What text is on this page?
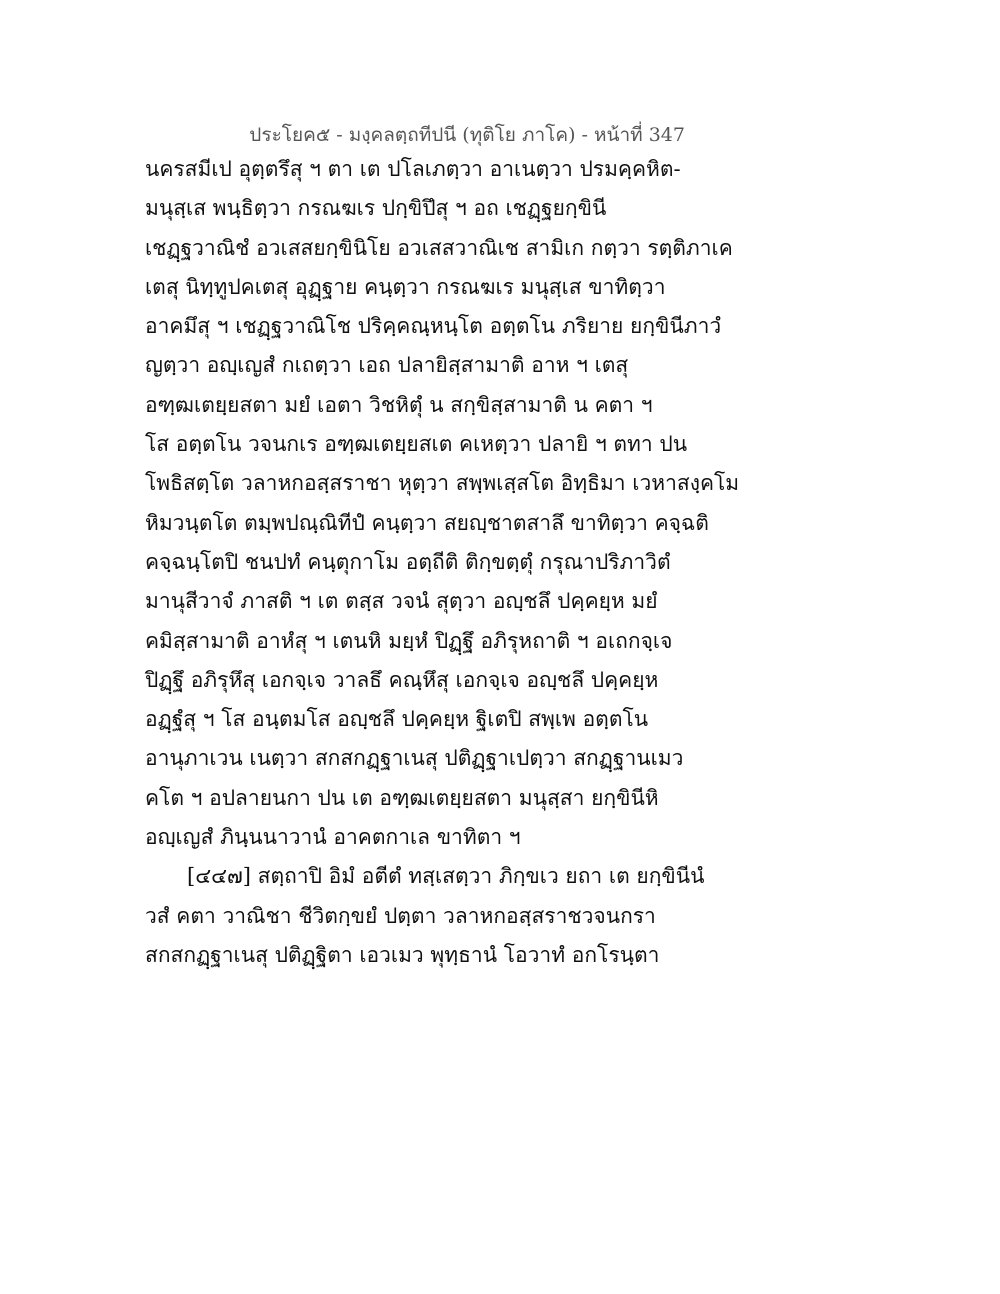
ประโยค๕ - มงฺคลตฺถทีปนี (ทุติโย ภาโค) - หน้าที่ 347
นครสมีเป อุตฺตรึสุ ฯ ตา เต ปโลเภตฺวา อาเนตฺวา ปรมคฺคหิต-
มนุสฺเส พนฺธิตฺวา กรณฆเร ปกฺขิปึสุ ฯ อถ เชฏฺฐยกฺขินี
เชฏฺฐวาณิชํ อวเสสยกฺขินิโย อวเสสวาณิเช สามิเก กตฺวา รตฺติภาเค
เตสุ นิทฺทูปคเตสุ อุฏฺฐาย คนฺตฺวา กรณฆเร มนุสฺเส ขาทิตฺวา
อาคมึสุ ฯ เชฏฺฐวาณิโช ปริคฺคณฺหนฺโต อตฺตโน ภริยาย ยกฺขินีภาวํ
ญตฺวา อญฺเญสํ กเถตฺวา เอถ ปลายิสฺสามาติ อาห ฯ เตสุ
อฑฺฒเตยฺยสตา มยํ เอตา วิชหิตุํ น สกฺขิสฺสามาติ น คตา ฯ
โส อตฺตโน วจนกเร อฑฺฒเตยฺยสเต คเหตฺวา ปลายิ ฯ ตทา ปน
โพธิสตฺโต วลาหกอสฺสราชา หุตฺวา สพฺพเสฺสโต อิทฺธิมา เวหาสงฺคโม
หิมวนฺตโต ตมฺพปณฺณิทีปํ คนฺตฺวา สยญฺชาตสาลึ ขาทิตฺวา คจฺฉติ
คจฺฉนฺโตปิ ชนปทํ คนฺตุกาโม อตฺถีติ ติกฺขตฺตุํ กรุณาปริภาวิตํ
มานุสีวาจํ ภาสติ ฯ เต ตสฺส วจนํ สุตฺวา อญฺชลึ ปคฺคยฺห มยํ
คมิสฺสามาติ อาหํสุ ฯ เตนหิ มยฺหํ ปิฏฺฐึ อภิรุหถาติ ฯ อเถกจฺเจ
ปิฏฺฐึ อภิรุหึสุ เอกจฺเจ วาลธึ คณฺหึสุ เอกจฺเจ อญฺชลึ ปคฺคยฺห
อฏฺฐํสุ ฯ โส อนฺตมโส อญฺชลึ ปคฺคยฺห ฐิเตปิ สพฺเพ อตฺตโน
อานุภาเวน เนตฺวา สกสกฏฺฐาเนสุ ปติฏฺฐาเปตฺวา สกฏฺฐานเมว
คโต ฯ อปลายนกา ปน เต อฑฺฒเตยฺยสตา มนุสฺสา ยกฺขินีหิ
อญฺเญสํ ภินฺนนาวานํ อาคตกาเล ขาทิตา ฯ
[๔๔๗] สตฺถาปิ อิมํ อตีตํ ทสฺเสตฺวา ภิกฺขเว ยถา เต ยกฺขินีนํ
วสํ คตา วาณิชา ชีวิตกฺขยํ ปตฺตา วลาหกอสฺสราชวจนกรา
สกสกฏฺฐาเนสุ ปติฏฺฐิตา เอวเมว พุทฺธานํ โอวาทํ อกโรนฺตา
